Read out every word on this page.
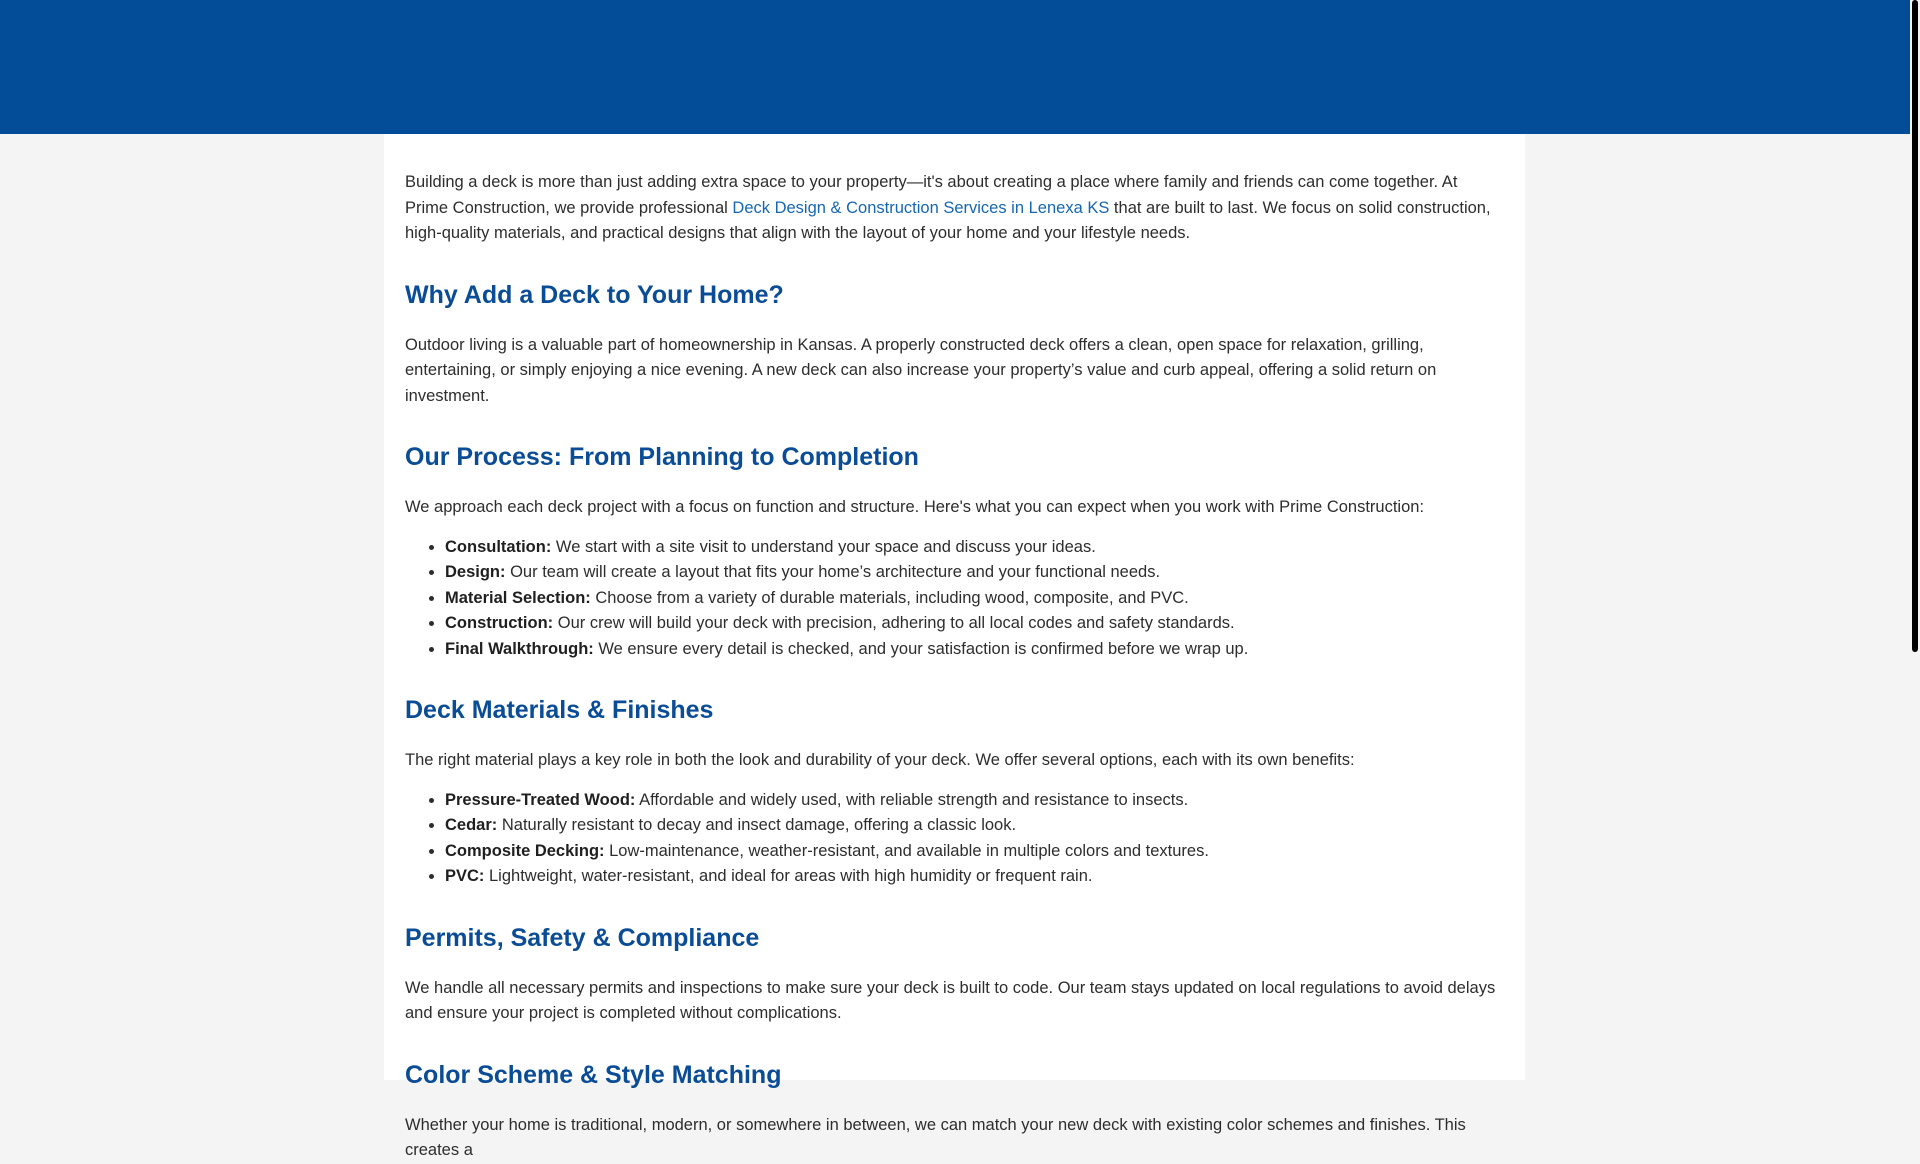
Building a deck is more than just adding extra space to your property—it's about creating a place where family and friends can come together. At Prime Construction, we provide professional Deck Design & Construction Services in Lenexa KS that are built to last. We focus on solid construction, high-quality materials, and practical designs that align with the layout of your home and your lifestyle needs.

Why Add a Deck to Your Home?

Outdoor living is a valuable part of homeownership in Kansas. A properly constructed deck offers a clean, open space for relaxation, grilling, entertaining, or simply enjoying a nice evening. A new deck can also increase your property’s value and curb appeal, offering a solid return on investment.

Our Process: From Planning to Completion

We approach each deck project with a focus on function and structure. Here's what you can expect when you work with Prime Construction:

• Consultation: We start with a site visit to understand your space and discuss your ideas.
• Design: Our team will create a layout that fits your home’s architecture and your functional needs.
• Material Selection: Choose from a variety of durable materials, including wood, composite, and PVC.
• Construction: Our crew will build your deck with precision, adhering to all local codes and safety standards.
• Final Walkthrough: We ensure every detail is checked, and your satisfaction is confirmed before we wrap up.
Deck Materials & Finishes

The right material plays a key role in both the look and durability of your deck. We offer several options, each with its own benefits:

• Pressure-Treated Wood: Affordable and widely used, with reliable strength and resistance to insects.
• Cedar: Naturally resistant to decay and insect damage, offering a classic look.
• Composite Decking: Low-maintenance, weather-resistant, and available in multiple colors and textures.
• PVC: Lightweight, water-resistant, and ideal for areas with high humidity or frequent rain.
Permits, Safety & Compliance

We handle all necessary permits and inspections to make sure your deck is built to code. Our team stays updated on local regulations to avoid delays and ensure your project is completed without complications.

Color Scheme & Style Matching

Whether your home is traditional, modern, or somewhere in between, we can match your new deck with existing color schemes and finishes. This creates a
